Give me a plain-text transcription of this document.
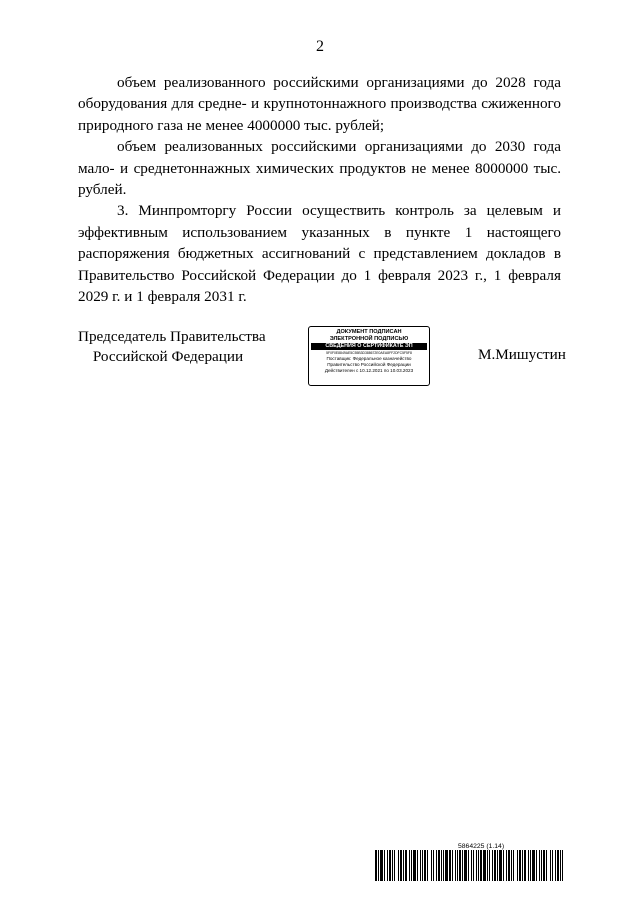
2

объем реализованного российскими организациями до 2028 года оборудования для средне- и крупнотоннажного производства сжиженного природного газа не менее 4000000 тыс. рублей;

объем реализованных российскими организациями до 2030 года мало- и среднетоннажных химических продуктов не менее 8000000 тыс. рублей.

3. Минпромторгу России осуществить контроль за целевым и эффективным использованием указанных в пункте 1 настоящего распоряжения бюджетных ассигнований с представлением докладов в Правительство Российской Федерации до 1 февраля 2023 г., 1 февраля 2029 г. и 1 февраля 2031 г.

Председатель Правительства
Российской Федерации
ДОКУМЕНТ ПОДПИСАН
ЭЛЕКТРОННОЙ ПОДПИСЬЮ
СВЕДЕНИЯ О СЕРТИФИКАТЕ ЭП
5F0F0E8849AE5C55B3D388672E0AEA8FF2DFC5F5F8
Поставщик: Федеральное казначейство
Правительство Российской Федерации
Действителен с 10.12.2021 по 10.03.2023
М.Мишустин
5864225 (1.14)
